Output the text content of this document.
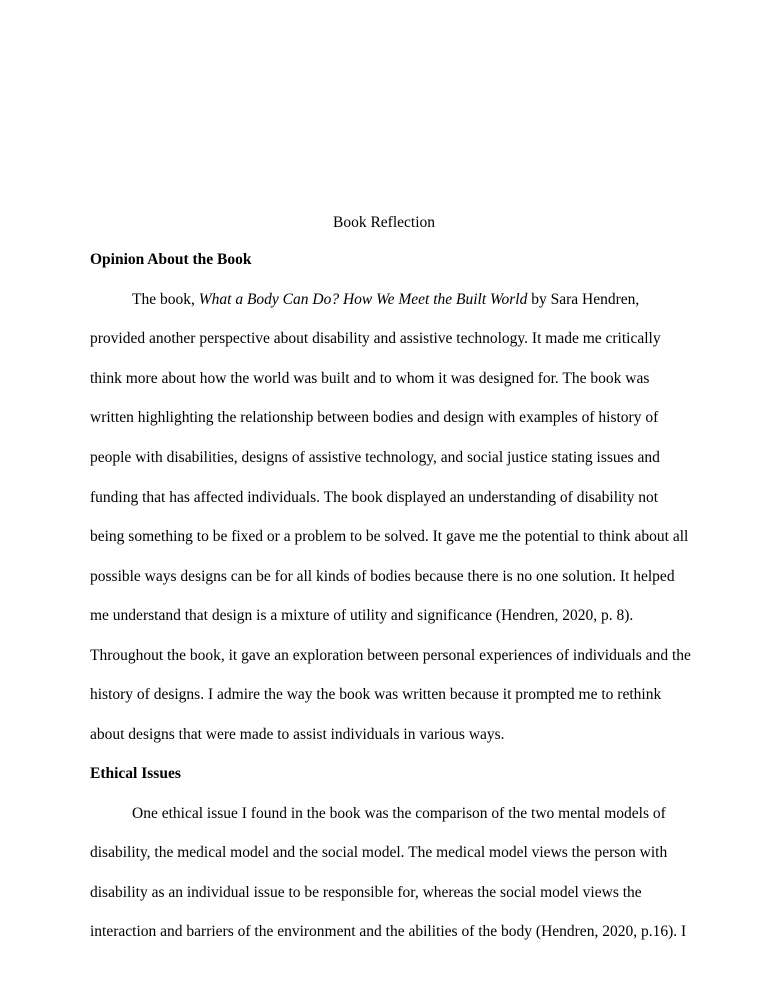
Book Reflection
Opinion About the Book
The book, What a Body Can Do? How We Meet the Built World by Sara Hendren,
provided another perspective about disability and assistive technology. It made me critically
think more about how the world was built and to whom it was designed for. The book was
written highlighting the relationship between bodies and design with examples of history of
people with disabilities, designs of assistive technology, and social justice stating issues and
funding that has affected individuals. The book displayed an understanding of disability not
being something to be fixed or a problem to be solved. It gave me the potential to think about all
possible ways designs can be for all kinds of bodies because there is no one solution. It helped
me understand that design is a mixture of utility and significance (Hendren, 2020, p. 8).
Throughout the book, it gave an exploration between personal experiences of individuals and the
history of designs. I admire the way the book was written because it prompted me to rethink
about designs that were made to assist individuals in various ways.
Ethical Issues
One ethical issue I found in the book was the comparison of the two mental models of
disability, the medical model and the social model. The medical model views the person with
disability as an individual issue to be responsible for, whereas the social model views the
interaction and barriers of the environment and the abilities of the body (Hendren, 2020, p.16). I
